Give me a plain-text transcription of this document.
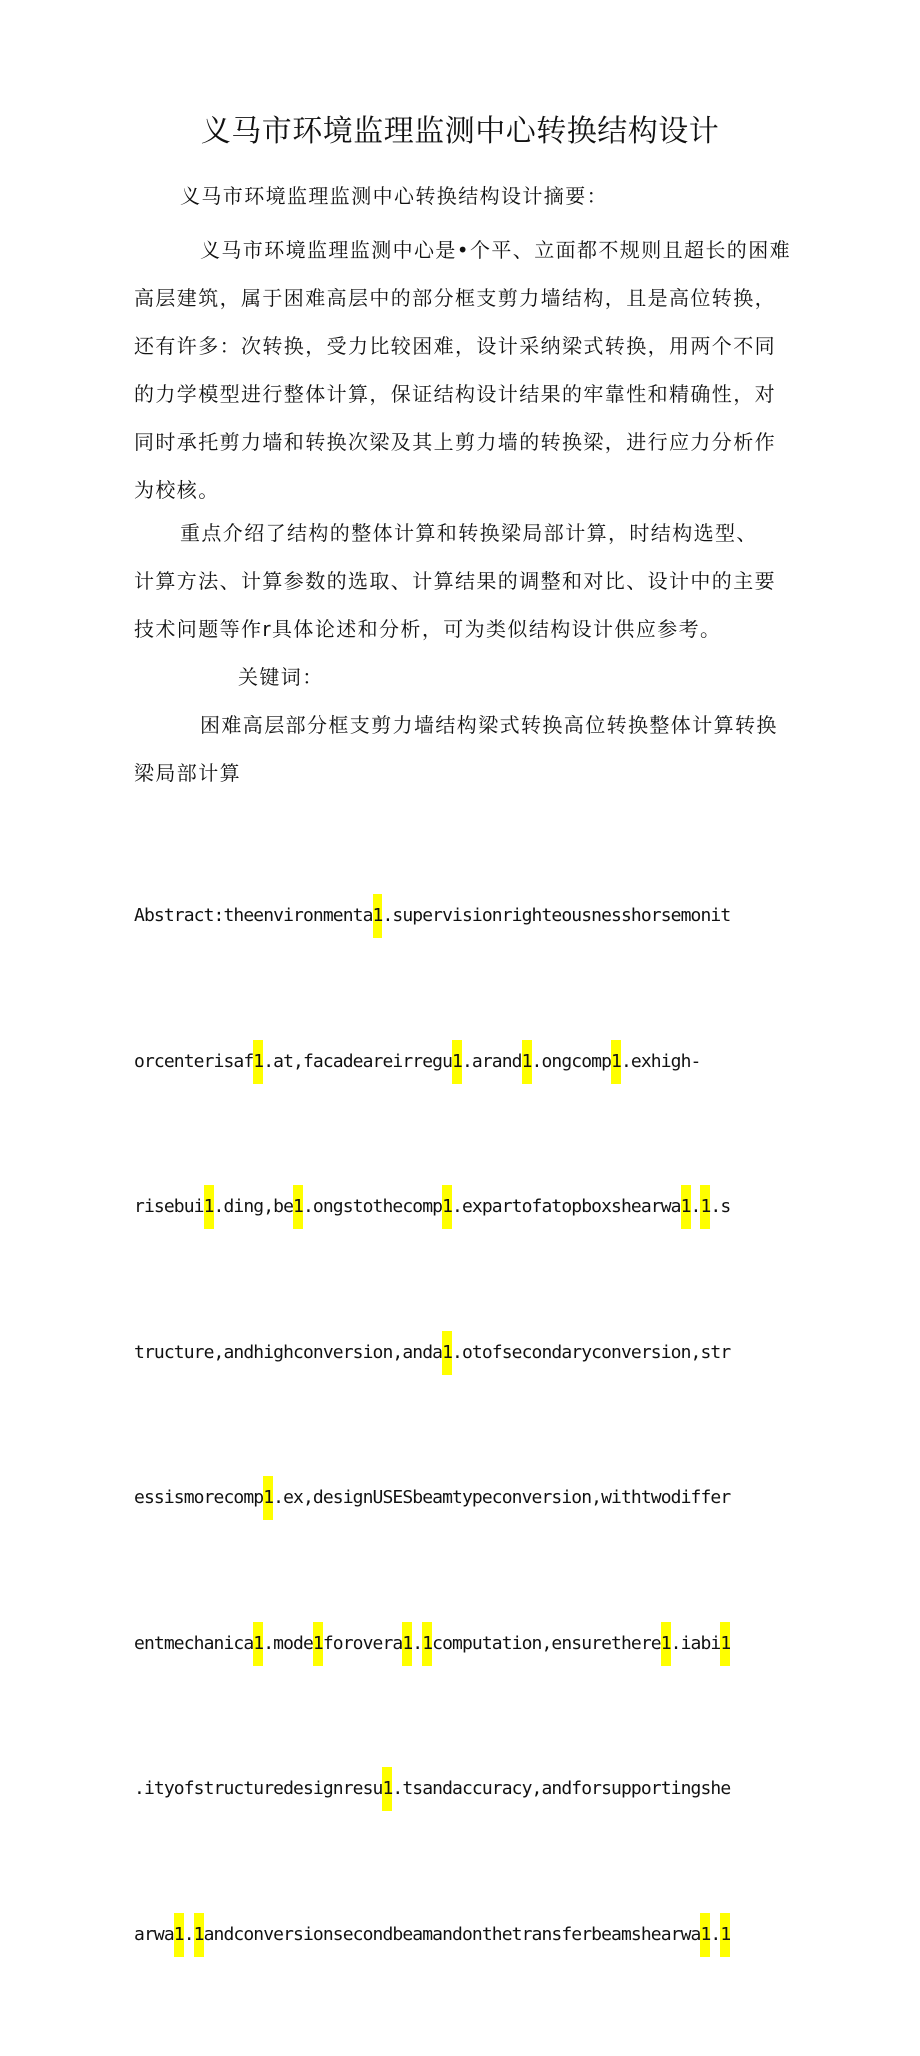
义马市环境监理监测中心转换结构设计

义马市环境监理监测中心转换结构设计摘要：

义马市环境监理监测中心是•个平、立面都不规则且超长的困难

高层建筑，属于困难高层中的部分框支剪力墙结构，且是高位转换，

还有许多：次转换，受力比较困难，设计采纳梁式转换，用两个不同

的力学模型进行整体计算，保证结构设计结果的牢靠性和精确性，对

同时承托剪力墙和转换次梁及其上剪力墙的转换梁，进行应力分析作

为校核。

重点介绍了结构的整体计算和转换梁局部计算，时结构选型、

计算方法、计算参数的选取、计算结果的调整和对比、设计中的主要

技术问题等作r具体论述和分析，可为类似结构设计供应参考。

关键词：

困难高层部分框支剪力墙结构梁式转换高位转换整体计算转换

梁局部计算

Abstract:theenvironmenta1.supervisionrighteousnesshorsemonit

orcenterisaf1.at,facadeareirregu1.arand1.ongcomp1.exhigh-

risebui1.ding,be1.ongstothecomp1.expartofatopboxshearwa1.1.s

tructure,andhighconversion,anda1.otofsecondaryconversion,str

essismorecomp1.ex,designUSESbeamtypeconversion,withtwodiffer

entmechanica1.mode1forovera1.1computation,ensurethere1.iabi1

.ityofstructuredesignresu1.tsandaccuracy,andforsupportingshe

arwa1.1andconversionsecondbeamandonthetransferbeamshearwa1.1
